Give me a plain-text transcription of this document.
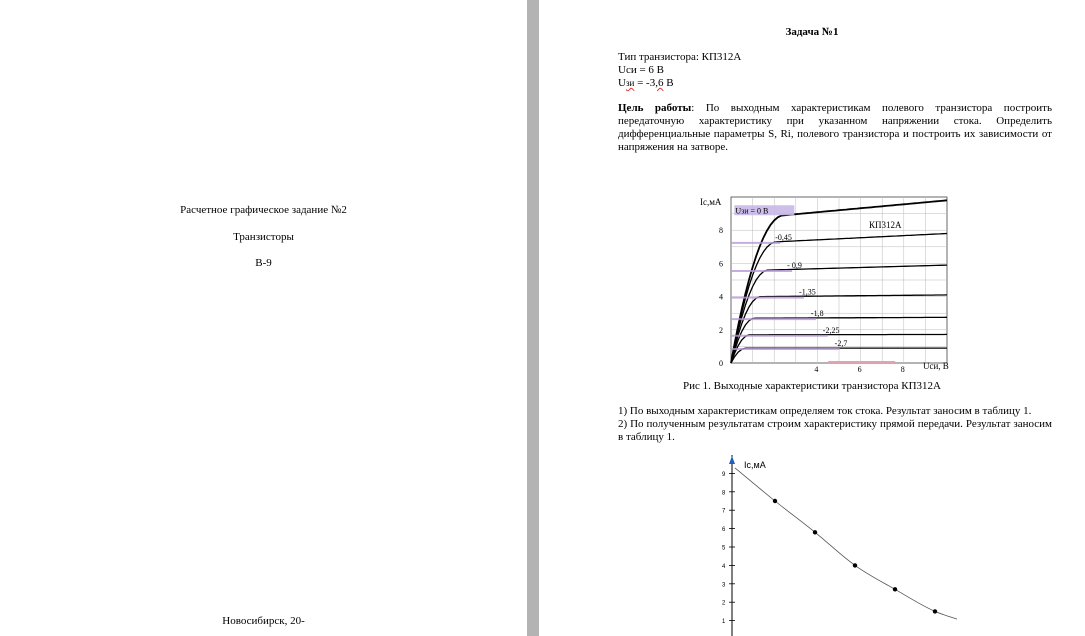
Расчетное графическое задание №2
Транзисторы
В-9
Новосибирск, 20-
Задача №1
Тип транзистора: КП312А
Uси = 6 В
Uзи = -3,6 В
Цель работы: По выходным характеристикам полевого транзистора построить передаточную характеристику при указанном напряжении стока. Определить дифференциальные параметры S, Ri, полевого транзистора и построить их зависимости от напряжения на затворе.
0
2
4
6
8
4	6	8
Uзи = 0 В
-0,45
- 0,9
-1,35
-1,8
-2,25
-2,7
Ic,мА
Uси, В
КП312А
Рис 1. Выходные характеристики транзистора КП312А
1) По выходным характеристикам определяем ток стока. Результат заносим в таблицу 1.
2) По полученным результатам строим характеристику прямой передачи. Результат заносим в таблицу 1.
Ic,мА
1
2
3
4
5
6
7
8
9
